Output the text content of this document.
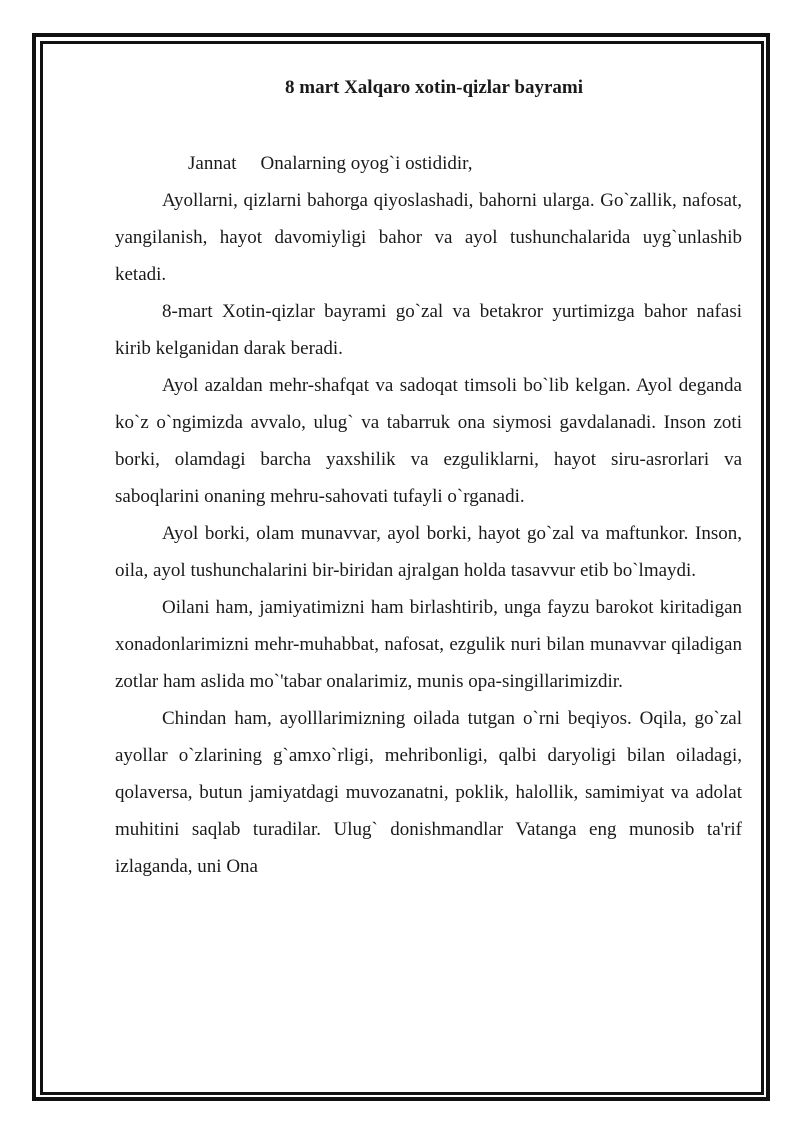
8 mart Xalqaro xotin-qizlar bayrami

Jannat Onalarning oyog`i ostididir,

Ayollarni, qizlarni bahorga qiyoslashadi, bahorni ularga. Go`zallik, nafosat, yangilanish, hayot davomiyligi bahor va ayol tushunchalarida uyg`unlashib ketadi.

8-mart Xotin-qizlar bayrami go`zal va betakror yurtimizga bahor nafasi kirib kelganidan darak beradi.

Ayol azaldan mehr-shafqat va sadoqat timsoli bo`lib kelgan. Ayol deganda ko`z o`ngimizda avvalo, ulug` va tabarruk ona siymosi gavdalanadi. Inson zoti borki, olamdagi barcha yaxshilik va ezguliklarni, hayot siru-asrorlari va saboqlarini onaning mehru-sahovati tufayli o`rganadi.

Ayol borki, olam munavvar, ayol borki, hayot go`zal va maftunkor. Inson, oila, ayol tushunchalarini bir-biridan ajralgan holda tasavvur etib bo`lmaydi.

Oilani ham, jamiyatimizni ham birlashtirib, unga fayzu barokot kiritadigan xonadonlarimizni mehr-muhabbat, nafosat, ezgulik nuri bilan munavvar qiladigan zotlar ham aslida mo`'tabar onalarimiz, munis opa-singillarimizdir.

Chindan ham, ayolllarimizning oilada tutgan o`rni beqiyos. Oqila, go`zal ayollar o`zlarining g`amxo`rligi, mehribonligi, qalbi daryoligi bilan oiladagi, qolaversa, butun jamiyatdagi muvozanatni, poklik, halollik, samimiyat va adolat muhitini saqlab turadilar. Ulug` donishmandlar Vatanga eng munosib ta'rif izlaganda, uni Ona
